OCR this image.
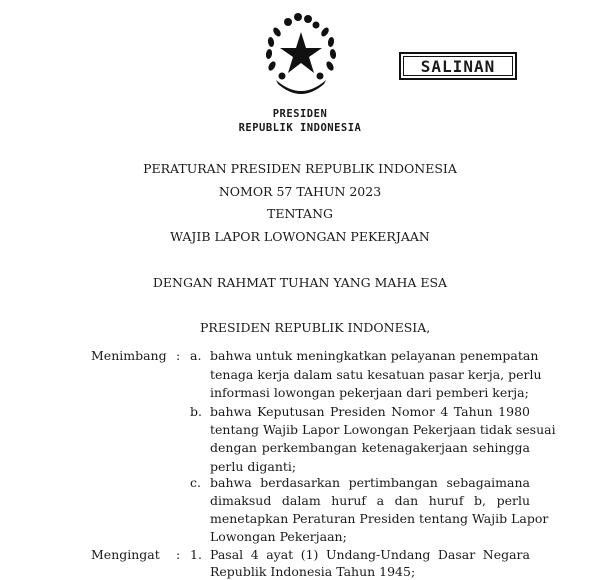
SALINAN
PRESIDEN
REPUBLIK INDONESIA
PERATURAN PRESIDEN REPUBLIK INDONESIA
NOMOR 57 TAHUN 2023
TENTANG
WAJIB LAPOR LOWONGAN PEKERJAAN
DENGAN RAHMAT TUHAN YANG MAHA ESA
PRESIDEN REPUBLIK INDONESIA,
Menimbang : a. bahwa untuk meningkatkan pelayanan penempatan
tenaga kerja dalam satu kesatuan pasar kerja, perlu
informasi lowongan pekerjaan dari pemberi kerja;
b. bahwa Keputusan Presiden Nomor 4 Tahun 1980
tentang Wajib Lapor Lowongan Pekerjaan tidak sesuai
dengan perkembangan ketenagakerjaan sehingga
perlu diganti;
c. bahwa berdasarkan pertimbangan sebagaimana
dimaksud dalam huruf a dan huruf b, perlu
menetapkan Peraturan Presiden tentang Wajib Lapor
Lowongan Pekerjaan;
Mengingat : 1. Pasal 4 ayat (1) Undang-Undang Dasar Negara
Republik Indonesia Tahun 1945;
